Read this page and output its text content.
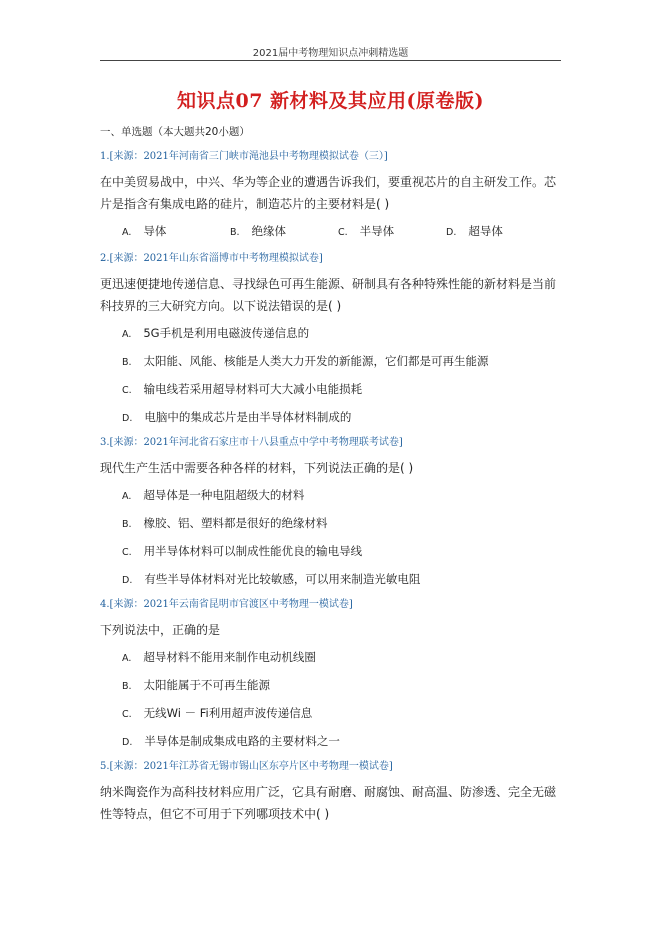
2021届中考物理知识点冲刺精选题
知识点07 新材料及其应用(原卷版)
一、单选题（本大题共20小题）
1.[来源：2021年河南省三门峡市渑池县中考物理模拟试卷（三）]
在中美贸易战中，中兴、华为等企业的遭遇告诉我们，要重视芯片的自主研发工作。芯片是指含有集成电路的硅片，制造芯片的主要材料是( )
A. 导体	B. 绝缘体	C. 半导体	D. 超导体
2.[来源：2021年山东省淄博市中考物理模拟试卷]
更迅速便捷地传递信息、寻找绿色可再生能源、研制具有各种特殊性能的新材料是当前科技界的三大研究方向。以下说法错误的是( )
A. 5G手机是利用电磁波传递信息的
B. 太阳能、风能、核能是人类大力开发的新能源，它们都是可再生能源
C. 输电线若采用超导材料可大大减小电能损耗
D. 电脑中的集成芯片是由半导体材料制成的
3.[来源：2021年河北省石家庄市十八县重点中学中考物理联考试卷]
现代生产生活中需要各种各样的材料，下列说法正确的是( )
A. 超导体是一种电阻超级大的材料
B. 橡胶、铝、塑料都是很好的绝缘材料
C. 用半导体材料可以制成性能优良的输电导线
D. 有些半导体材料对光比较敏感，可以用来制造光敏电阻
4.[来源：2021年云南省昆明市官渡区中考物理一模试卷]
下列说法中，正确的是
A. 超导材料不能用来制作电动机线圈
B. 太阳能属于不可再生能源
C. 无线Wi － Fi利用超声波传递信息
D. 半导体是制成集成电路的主要材料之一
5.[来源：2021年江苏省无锡市锡山区东亭片区中考物理一模试卷]
纳米陶瓷作为高科技材料应用广泛，它具有耐磨、耐腐蚀、耐高温、防渗透、完全无磁性等特点，但它不可用于下列哪项技术中( )
